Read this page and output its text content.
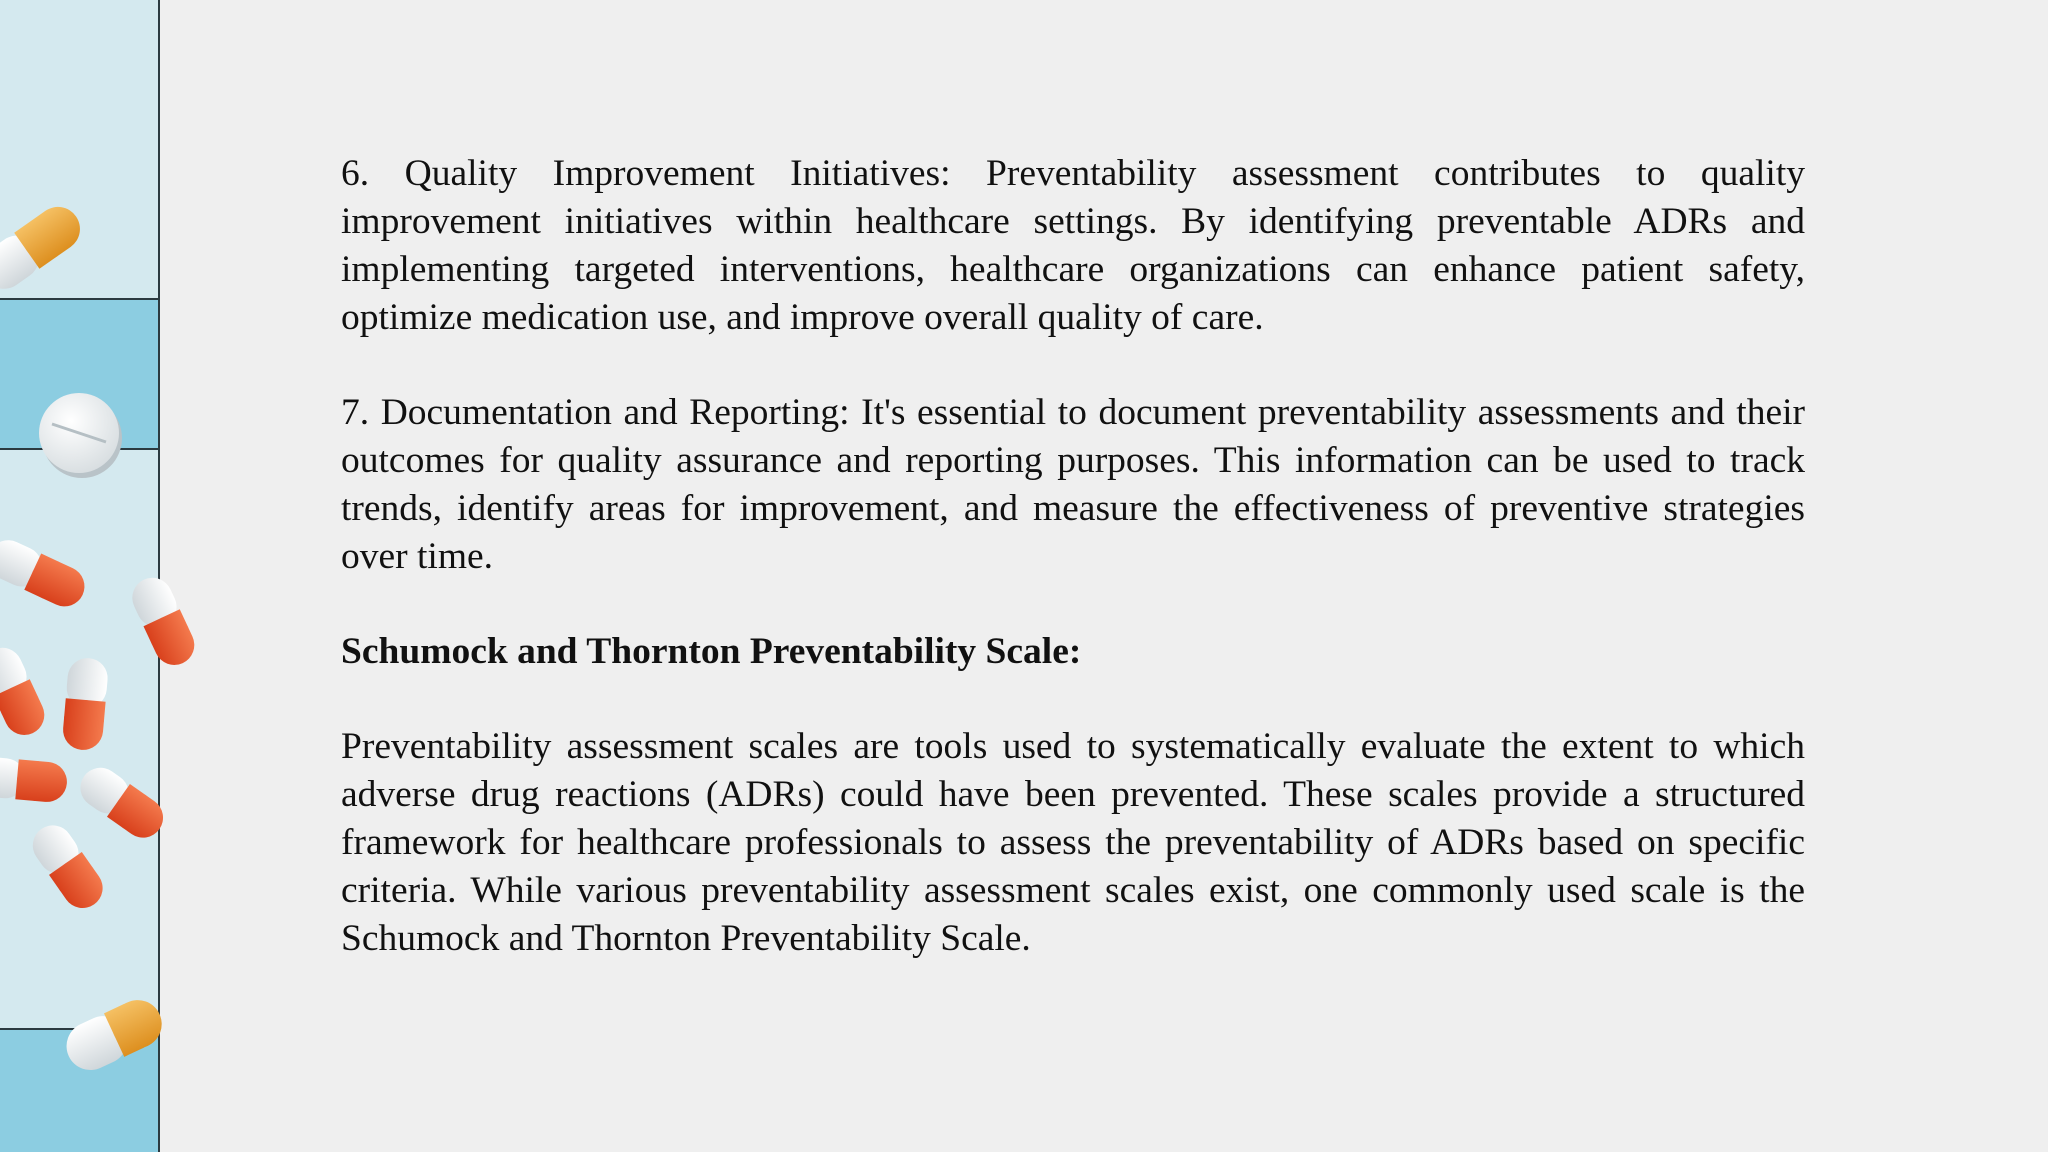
6. Quality Improvement Initiatives: Preventability assessment contributes to quality improvement initiatives within healthcare settings. By identifying preventable ADRs and implementing targeted interventions, healthcare organizations can enhance patient safety, optimize medication use, and improve overall quality of care.

7. Documentation and Reporting: It's essential to document preventability assessments and their outcomes for quality assurance and reporting purposes. This information can be used to track trends, identify areas for improvement, and measure the effectiveness of preventive strategies over time.

Schumock and Thornton Preventability Scale:

Preventability assessment scales are tools used to systematically evaluate the extent to which adverse drug reactions (ADRs) could have been prevented. These scales provide a structured framework for healthcare professionals to assess the preventability of ADRs based on specific criteria. While various preventability assessment scales exist, one commonly used scale is the Schumock and Thornton Preventability Scale.
